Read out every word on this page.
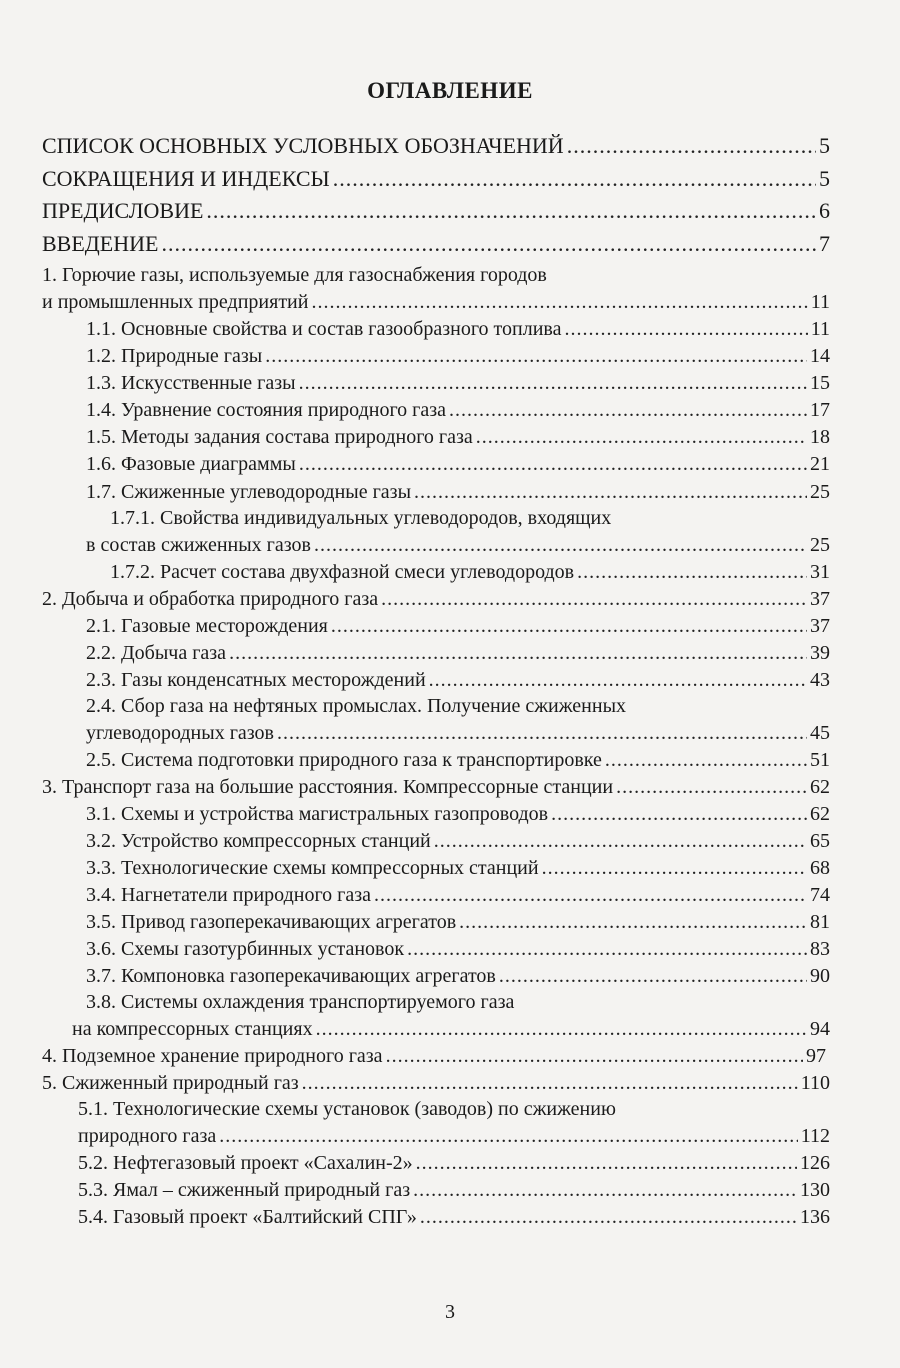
ОГЛАВЛЕНИЕ
СПИСОК ОСНОВНЫХ УСЛОВНЫХ ОБОЗНАЧЕНИЙ .....	5
СОКРАЩЕНИЯ И ИНДЕКСЫ .....	5
ПРЕДИСЛОВИЕ .....	6
ВВЕДЕНИЕ .....	7
1. Горючие газы, используемые для газоснабжения городов
и промышленных предприятий .....	11
1.1. Основные свойства и состав газообразного топлива .....	11
1.2. Природные газы .....	14
1.3. Искусственные газы .....	15
1.4. Уравнение состояния природного газа .....	17
1.5. Методы задания состава природного газа .....	18
1.6. Фазовые диаграммы .....	21
1.7. Сжиженные углеводородные газы .....	25
1.7.1. Свойства индивидуальных углеводородов, входящих
в состав сжиженных газов .....	25
1.7.2. Расчет состава двухфазной смеси углеводородов .....	31
2. Добыча и обработка природного газа .....	37
2.1. Газовые месторождения .....	37
2.2. Добыча газа .....	39
2.3. Газы конденсатных месторождений .....	43
2.4. Сбор газа на нефтяных промыслах. Получение сжиженных
углеводородных газов .....	45
2.5. Система подготовки природного газа к транспортировке .....	51
3. Транспорт газа на большие расстояния. Компрессорные станции .....	62
3.1. Схемы и устройства магистральных газопроводов .....	62
3.2. Устройство компрессорных станций .....	65
3.3. Технологические схемы компрессорных станций .....	68
3.4. Нагнетатели природного газа .....	74
3.5. Привод газоперекачивающих агрегатов .....	81
3.6. Схемы газотурбинных установок .....	83
3.7. Компоновка газоперекачивающих агрегатов .....	90
3.8. Системы охлаждения транспортируемого газа
на компрессорных станциях .....	94
4. Подземное хранение природного газа .....	97
5. Сжиженный природный газ .....	110
5.1. Технологические схемы установок (заводов) по сжижению
природного газа .....	112
5.2. Нефтегазовый проект «Сахалин-2» .....	126
5.3. Ямал – сжиженный природный газ .....	130
5.4. Газовый проект «Балтийский СПГ» .....	136
3
